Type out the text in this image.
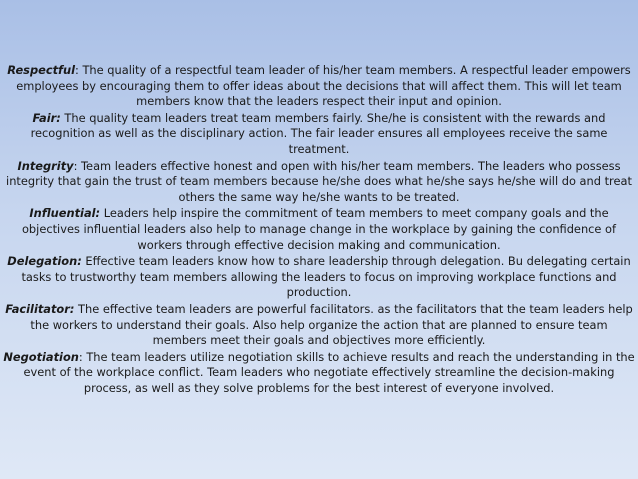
Respectful: The quality of a respectful team leader of his/her team members. A respectful leader empowers employees by encouraging them to offer ideas about the decisions that will affect them. This will let team members know that the leaders respect their input and opinion.

Fair: The quality team leaders treat team members fairly. She/he is consistent with the rewards and recognition as well as the disciplinary action. The fair leader ensures all employees receive the same treatment.

Integrity: Team leaders effective honest and open with his/her team members. The leaders who possess integrity that gain the trust of team members because he/she does what he/she says he/she will do and treat others the same way he/she wants to be treated.

Influential: Leaders help inspire the commitment of team members to meet company goals and the objectives influential leaders also help to manage change in the workplace by gaining the confidence of workers through effective decision making and communication.

Delegation: Effective team leaders know how to share leadership through delegation. Bu delegating certain tasks to trustworthy team members allowing the leaders to focus on improving workplace functions and production.

Facilitator: The effective team leaders are powerful facilitators. as the facilitators that the team leaders help the workers to understand their goals. Also help organize the action that are planned to ensure team members meet their goals and objectives more efficiently.

Negotiation: The team leaders utilize negotiation skills to achieve results and reach the understanding in the event of the workplace conflict. Team leaders who negotiate effectively streamline the decision-making process, as well as they solve problems for the best interest of everyone involved.
